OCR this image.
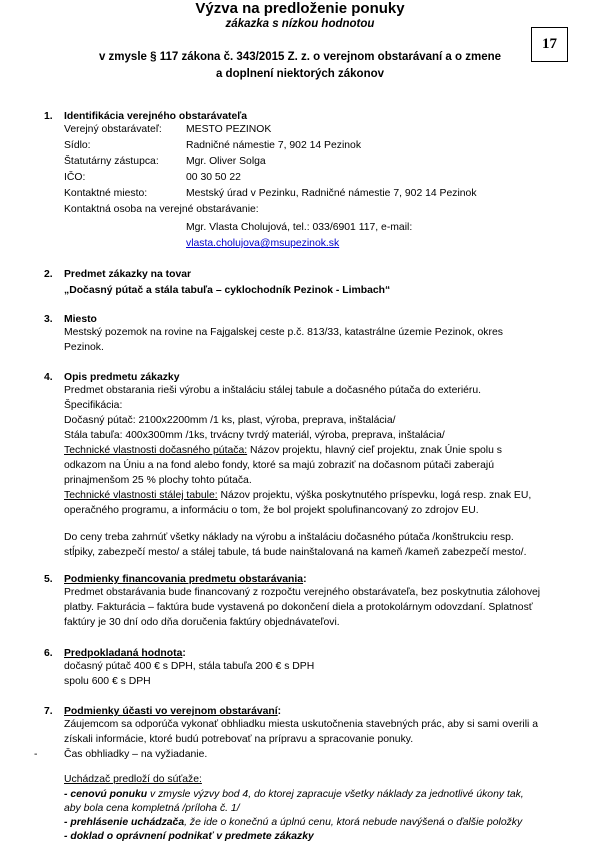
Výzva na predloženie ponuky
zákazka s nízkou hodnotou
v zmysle § 117 zákona č. 343/2015 Z. z. o verejnom obstarávaní a o zmene
a doplnení niektorých zákonov
17
1. Identifikácia verejného obstarávateľa
Verejný obstarávateľ: MESTO PEZINOK
Sídlo:	Radničné námestie 7, 902 14 Pezinok
Štatutárny zástupca:	Mgr. Oliver Solga
IČO:	00 30 50 22
Kontaktné miesto:	Mestský úrad v Pezinku, Radničné námestie 7, 902 14 Pezinok
Kontaktná osoba na verejné obstarávanie:
Mgr. Vlasta Cholujová, tel.: 033/6901 117, e-mail:
vlasta.cholujova@msupezinok.sk
2. Predmet zákazky na tovar
„Dočasný pútač a stála tabuľa – cyklochodník Pezinok - Limbach“
3. Miesto
Mestský pozemok na rovine na Fajgalskej ceste p.č. 813/33, katastrálne územie Pezinok, okres
Pezinok.
4. Opis predmetu zákazky
Predmet obstarania rieši výrobu a inštaláciu stálej tabule a dočasného pútača do exteriéru.
Špecifikácia:
Dočasný pútač: 2100x2200mm /1 ks, plast, výroba, preprava, inštalácia/
Stála tabuľa: 400x300mm /1ks, trvácny tvrdý materiál, výroba, preprava, inštalácia/
Technické vlastnosti dočasného pútača: Názov projektu, hlavný cieľ projektu, znak Únie spolu s
odkazom na Úniu a na fond alebo fondy, ktoré sa majú zobraziť na dočasnom pútači zaberajú
prinajmenšom 25 % plochy tohto pútača.
Technické vlastnosti stálej tabule: Názov projektu, výška poskytnutého príspevku, logá resp. znak EU,
operačného programu, a informáciu o tom, že bol projekt spolufinancovaný zo zdrojov EU.
Do ceny treba zahrnúť všetky náklady na výrobu a inštaláciu dočasného pútača /konštrukciu resp.
stĺpiky, zabezpečí mesto/ a stálej tabule, tá bude nainštalovaná na kameň /kameň zabezpečí mesto/.
5. Podmienky financovania predmetu obstarávania:
Predmet obstarávania bude financovaný z rozpočtu verejného obstarávateľa, bez poskytnutia zálohovej
platby. Fakturácia – faktúra bude vystavená po dokončení diela a protokolárnym odovzdaní. Splatnosť
faktúry je 30 dní odo dňa doručenia faktúry objednávateľovi.
6. Predpokladaná hodnota:
dočasný pútač 400 € s DPH, stála tabuľa 200 € s DPH
spolu 600 € s DPH
7. Podmienky účasti vo verejnom obstarávaní:
Záujemcom sa odporúča vykonať obhliadku miesta uskutočnenia stavebných prác, aby si sami overili a
získali informácie, ktoré budú potrebovať na prípravu a spracovanie ponuky.
-	Čas obhliadky – na vyžiadanie.
Uchádzač predloží do súťaže:
- cenovú ponuku v zmysle výzvy bod 4, do ktorej zapracuje všetky náklady za jednotlivé úkony tak,
aby bola cena kompletná /príloha č. 1/
- prehlásenie uchádzača, že ide o konečnú a úplnú cenu, ktorá nebude navýšená o ďalšie položky
- doklad o oprávnení podnikať v predmete zákazky
